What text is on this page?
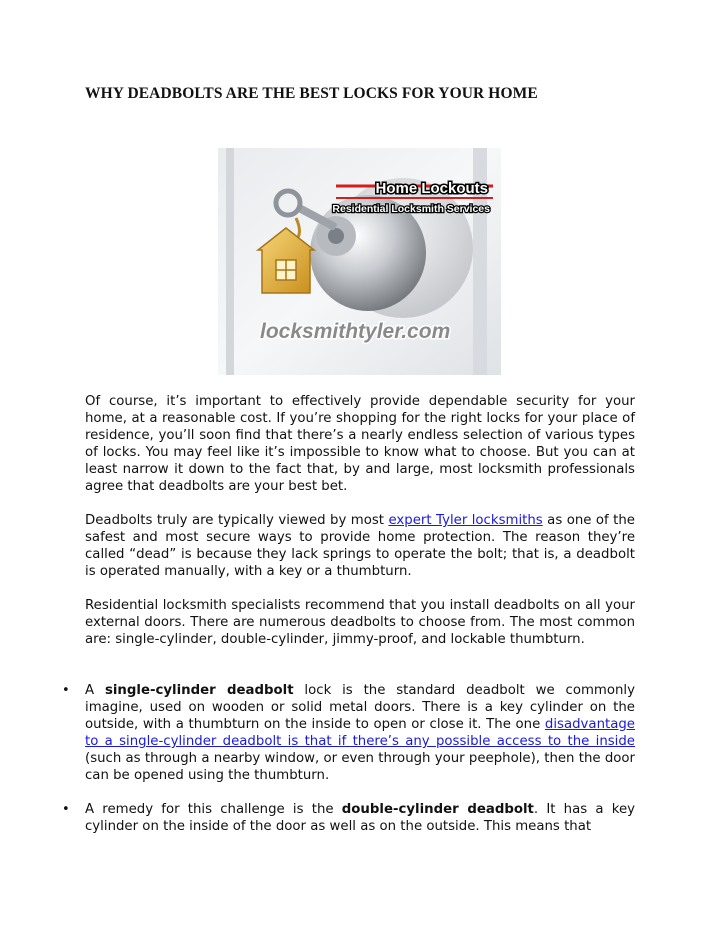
WHY DEADBOLTS ARE THE BEST LOCKS FOR YOUR HOME
Home Lockouts
Residential Locksmith Services
locksmithtyler.com
Of course, it’s important to effectively provide dependable security for your home, at a reasonable cost. If you’re shopping for the right locks for your place of residence, you’ll soon find that there’s a nearly endless selection of various types of locks. You may feel like it’s impossible to know what to choose. But you can at least narrow it down to the fact that, by and large, most locksmith professionals agree that deadbolts are your best bet.
Deadbolts truly are typically viewed by most expert Tyler locksmiths as one of the safest and most secure ways to provide home protection. The reason they’re called “dead” is because they lack springs to operate the bolt; that is, a deadbolt is operated manually, with a key or a thumbturn.
Residential locksmith specialists recommend that you install deadbolts on all your external doors. There are numerous deadbolts to choose from. The most common are: single-cylinder, double-cylinder, jimmy-proof, and lockable thumbturn.
• A single-cylinder deadbolt lock is the standard deadbolt we commonly imagine, used on wooden or solid metal doors. There is a key cylinder on the outside, with a thumbturn on the inside to open or close it. The one disadvantage to a single-cylinder deadbolt is that if there’s any possible access to the inside (such as through a nearby window, or even through your peephole), then the door can be opened using the thumbturn.
• A remedy for this challenge is the double-cylinder deadbolt. It has a key cylinder on the inside of the door as well as on the outside. This means that
